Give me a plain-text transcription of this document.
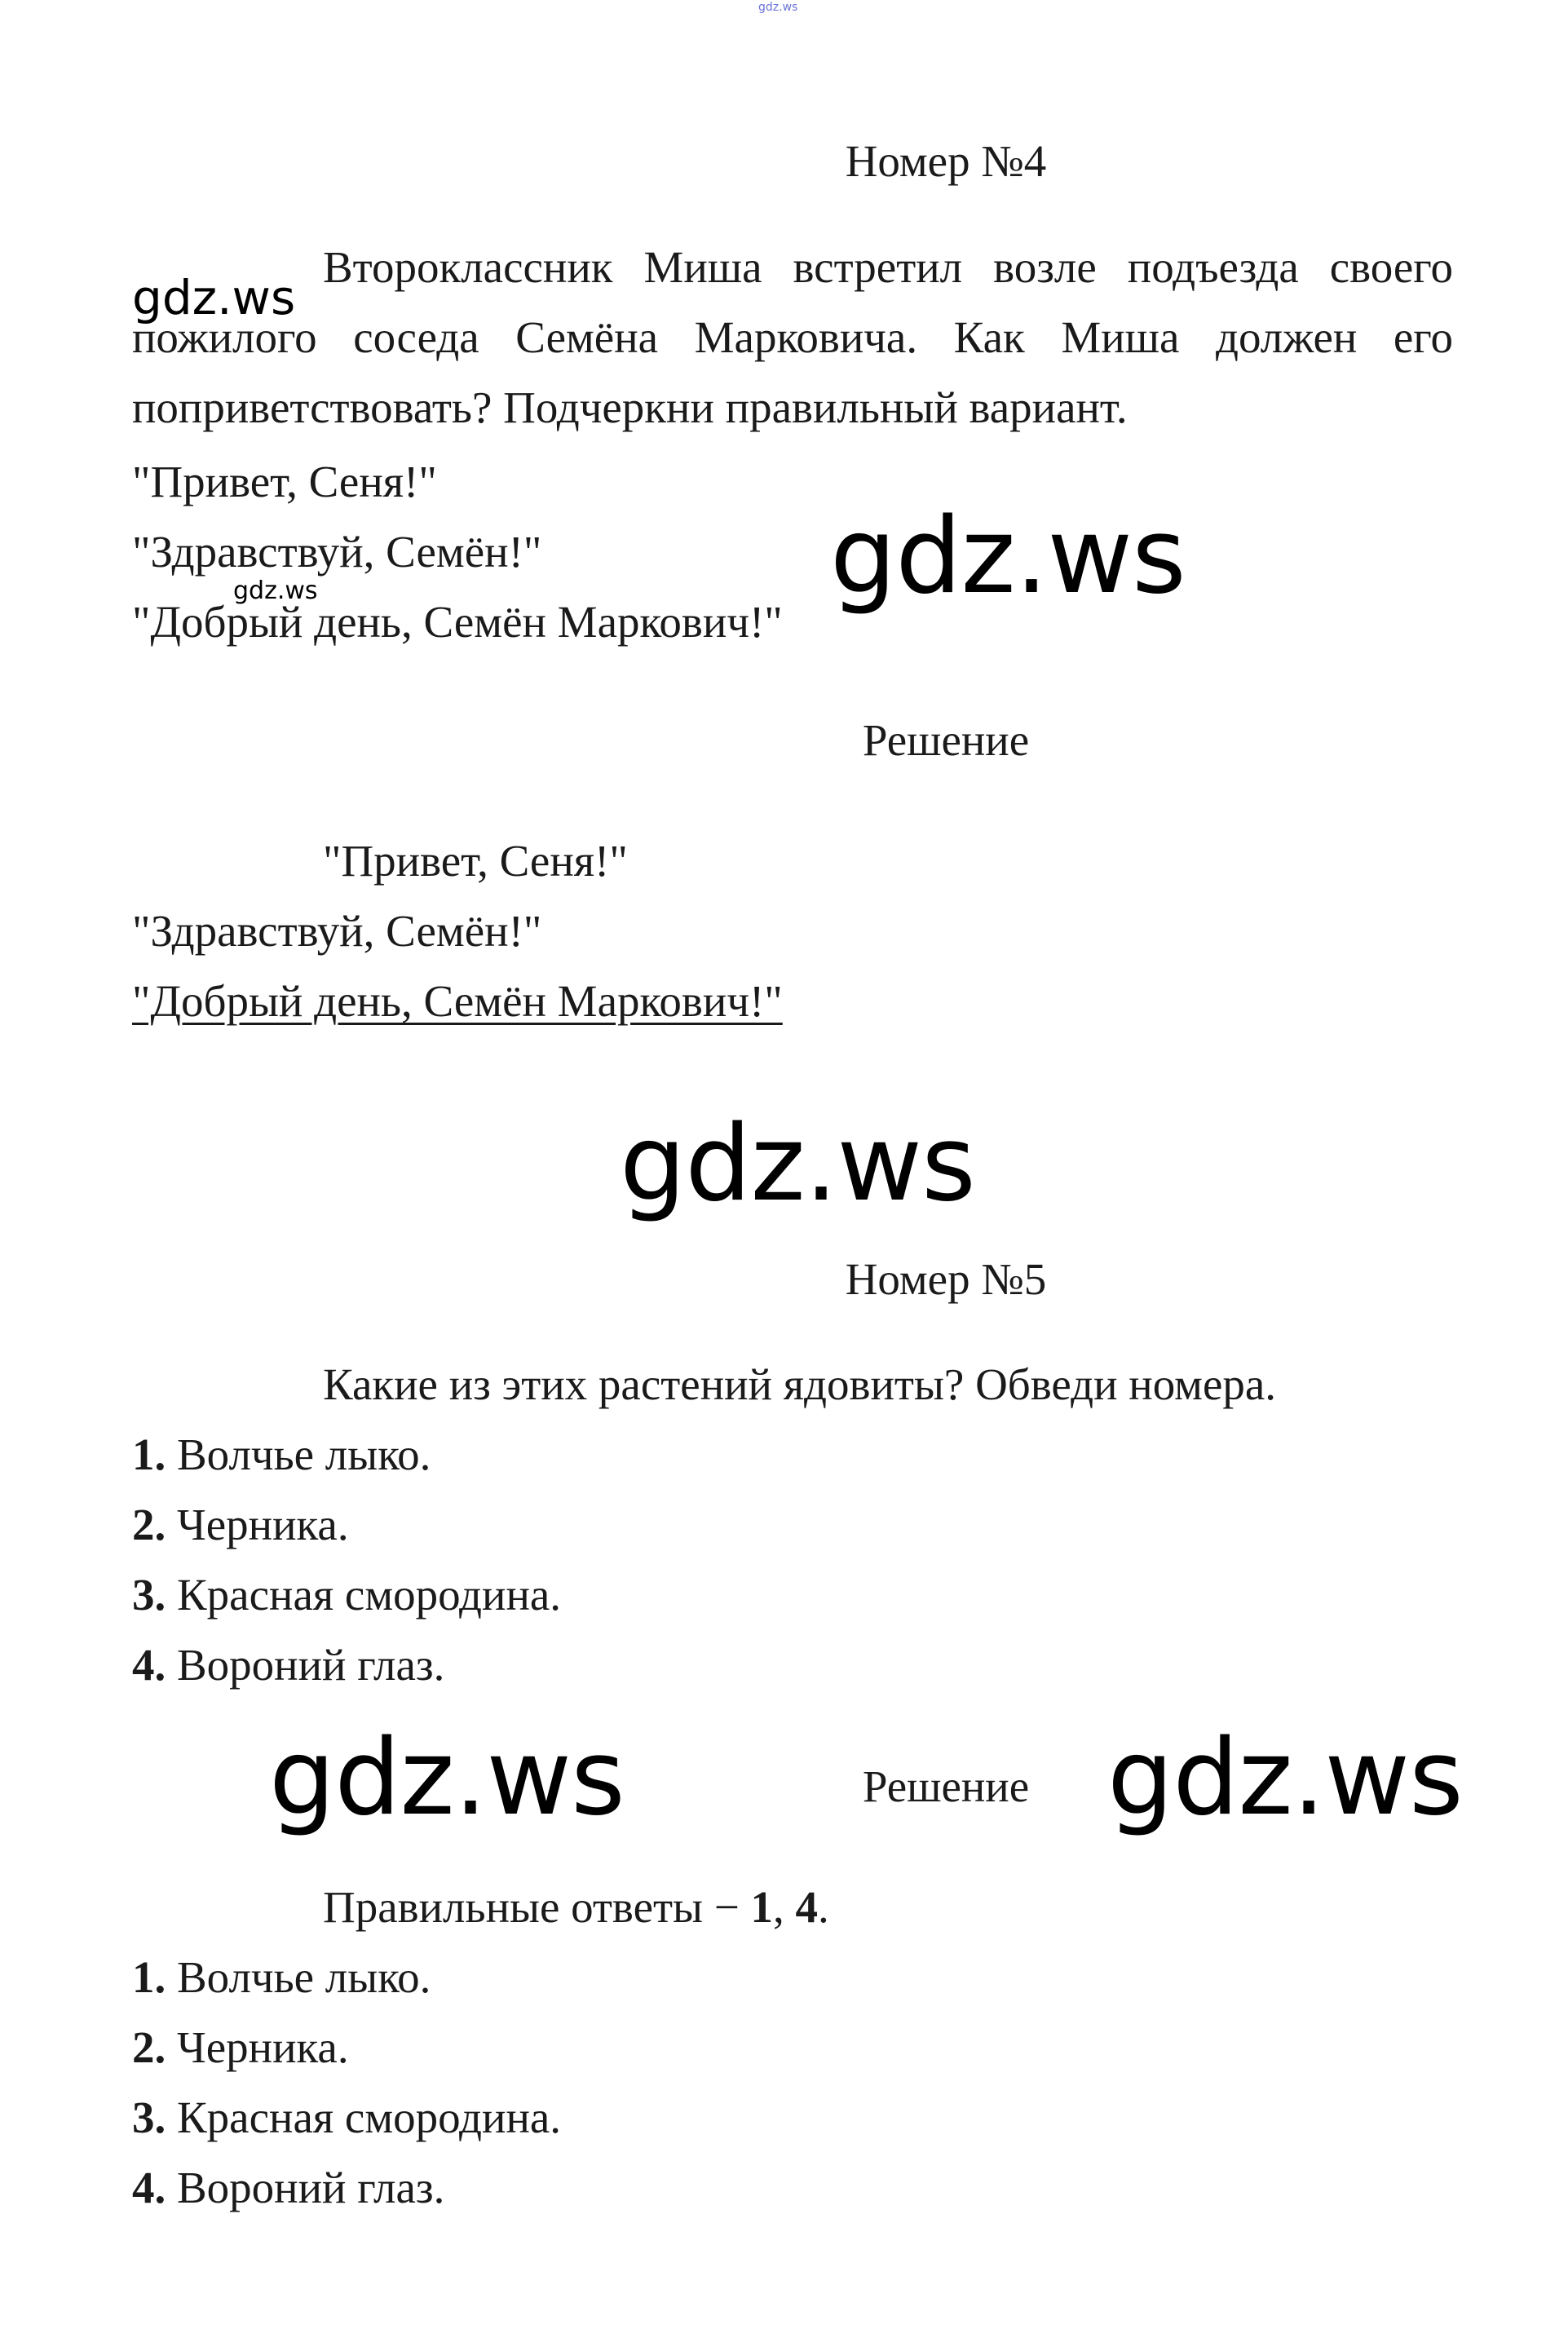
gdz.ws
Номер №4
Второклассник Миша встретил возле подъезда своего пожилого соседа Семёна Марковича. Как Миша должен его поприветствовать? Подчеркни правильный вариант.
"Привет, Сеня!"
"Здравствуй, Семён!"
"Добрый день, Семён Маркович!"
Решение
"Привет, Сеня!"
"Здравствуй, Семён!"
"Добрый день, Семён Маркович!"
Номер №5
Какие из этих растений ядовиты? Обведи номера.
1. Волчье лыко.
2. Черника.
3. Красная смородина.
4. Вороний глаз.
Решение
Правильные ответы − 1, 4.
1. Волчье лыко.
2. Черника.
3. Красная смородина.
4. Вороний глаз.
gdz.ws
gdz.ws
gdz.ws
gdz.ws
gdz.ws	gdz.ws
